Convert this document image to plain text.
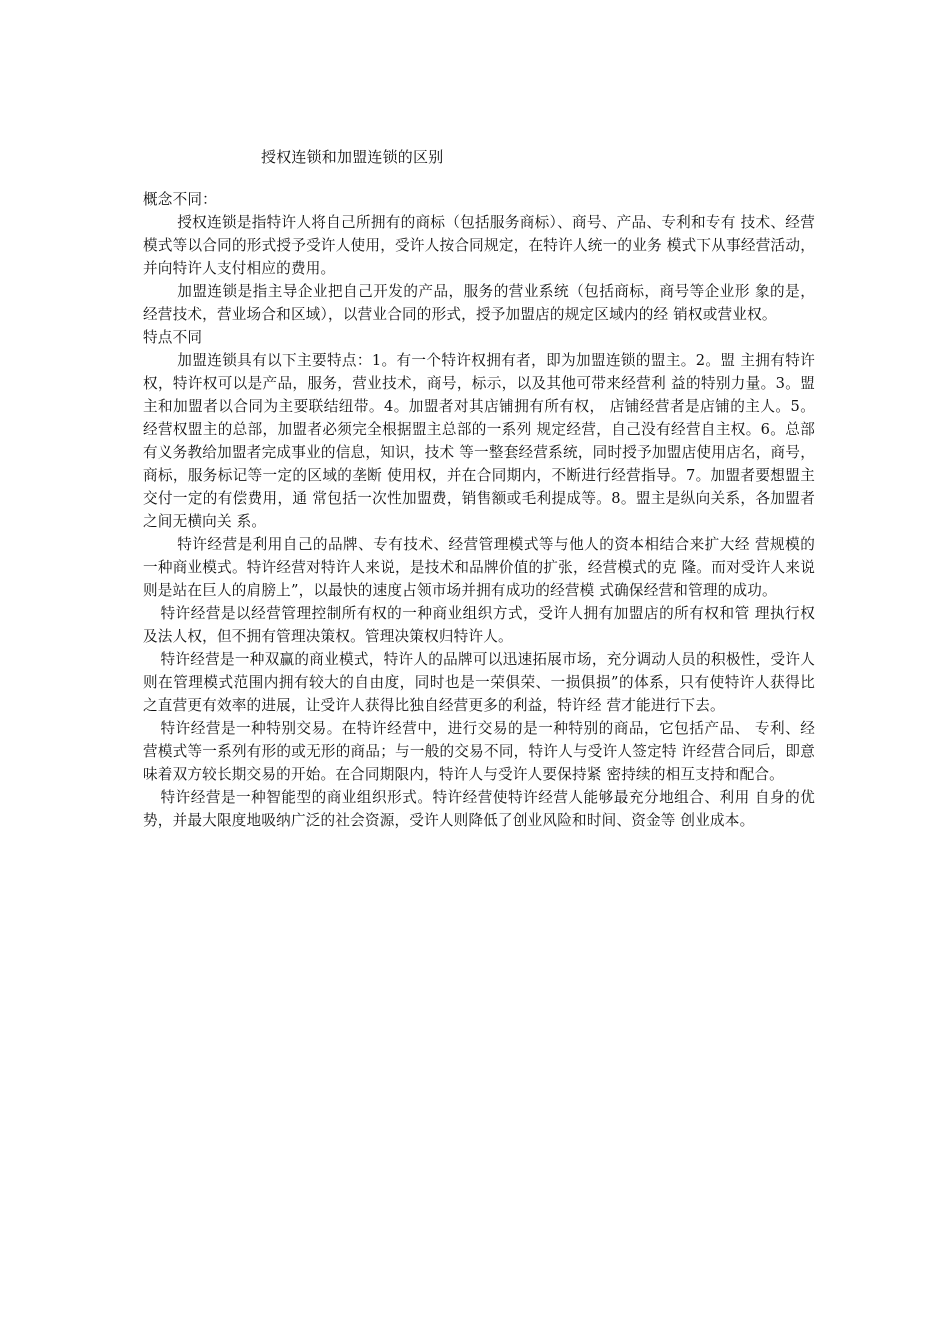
授权连锁和加盟连锁的区别
概念不同：

授权连锁是指特许人将自己所拥有的商标（包括服务商标）、商号、产品、专利和专有 技术、经营模式等以合同的形式授予受许人使用，受许人按合同规定，在特许人统一的业务 模式下从事经营活动，并向特许人支付相应的费用。

加盟连锁是指主导企业把自己开发的产品，服务的营业系统（包括商标，商号等企业形 象的是，经营技术，营业场合和区域），以营业合同的形式，授予加盟店的规定区域内的经 销权或营业权。

特点不同

加盟连锁具有以下主要特点：1。有一个特许权拥有者，即为加盟连锁的盟主。2。盟 主拥有特许权，特许权可以是产品，服务，营业技术，商号，标示，以及其他可带来经营利 益的特别力量。3。盟主和加盟者以合同为主要联结纽带。4。加盟者对其店铺拥有所有权， 店铺经营者是店铺的主人。5。经营权盟主的总部，加盟者必须完全根据盟主总部的一系列 规定经营，自己没有经营自主权。6。总部有义务教给加盟者完成事业的信息，知识，技术 等一整套经营系统，同时授予加盟店使用店名，商号，商标，服务标记等一定的区域的垄断 使用权，并在合同期内，不断进行经营指导。7。加盟者要想盟主交付一定的有偿费用，通 常包括一次性加盟费，销售额或毛利提成等。8。盟主是纵向关系，各加盟者之间无横向关 系。

特许经营是利用自己的品牌、专有技术、经营管理模式等与他人的资本相结合来扩大经 营规模的一种商业模式。特许经营对特许人来说，是技术和品牌价值的扩张，经营模式的克 隆。而对受许人来说则是站在巨人的肩膀上”，以最快的速度占领市场并拥有成功的经营模 式确保经营和管理的成功。

特许经营是以经营管理控制所有权的一种商业组织方式，受许人拥有加盟店的所有权和管 理执行权及法人权，但不拥有管理决策权。管理决策权归特许人。

特许经营是一种双赢的商业模式，特许人的品牌可以迅速拓展市场，充分调动人员的积极性，受许人则在管理模式范围内拥有较大的自由度，同时也是一荣俱荣、一损俱损”的体系，只有使特许人获得比之直营更有效率的进展，让受许人获得比独自经营更多的利益，特许经 营才能进行下去。

特许经营是一种特别交易。在特许经营中，进行交易的是一种特别的商品，它包括产品、 专利、经营模式等一系列有形的或无形的商品；与一般的交易不同，特许人与受许人签定特 许经营合同后，即意味着双方较长期交易的开始。在合同期限内，特许人与受许人要保持紧 密持续的相互支持和配合。

特许经营是一种智能型的商业组织形式。特许经营使特许经营人能够最充分地组合、利用 自身的优势，并最大限度地吸纳广泛的社会资源，受许人则降低了创业风险和时间、资金等 创业成本。
